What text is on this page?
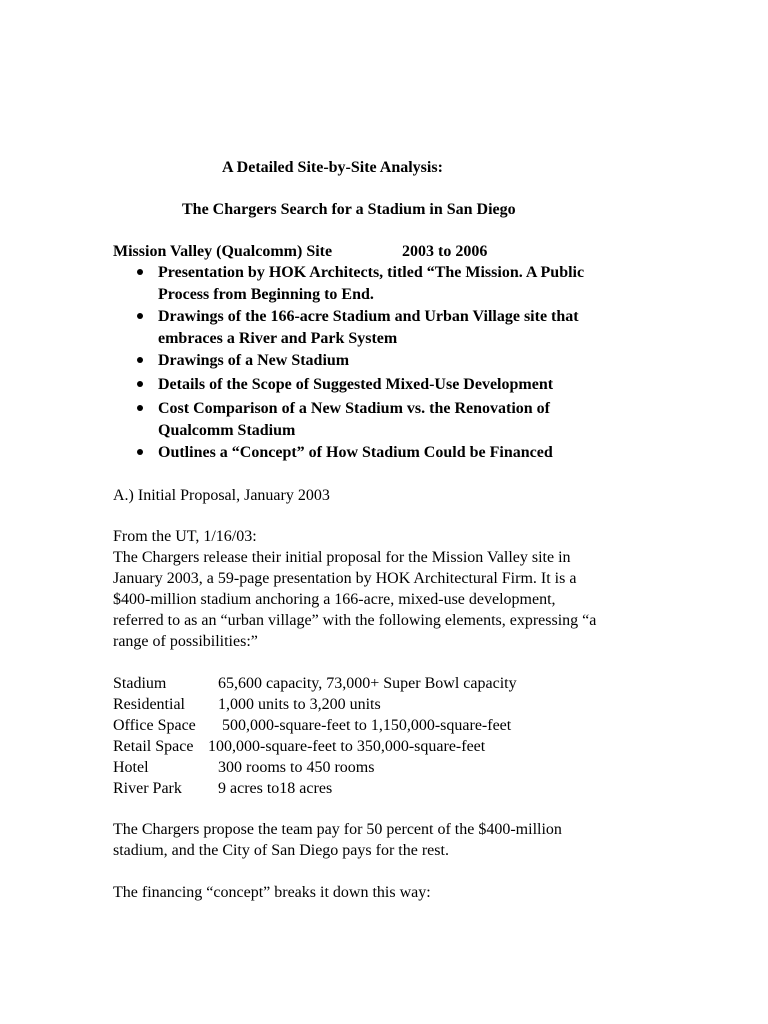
A Detailed Site-by-Site Analysis:
The Chargers Search for a Stadium in San Diego
Mission Valley (Qualcomm) Site	2003 to 2006
Presentation by HOK Architects, titled “The Mission. A Public
Process from Beginning to End.
Drawings of the 166-acre Stadium and Urban Village site that
embraces a River and Park System
Drawings of a New Stadium
Details of the Scope of Suggested Mixed-Use Development
Cost Comparison of a New Stadium vs. the Renovation of
Qualcomm Stadium
Outlines a “Concept” of How Stadium Could be Financed
A.) Initial Proposal, January 2003
From the UT, 1/16/03:
The Chargers release their initial proposal for the Mission Valley site in
January 2003, a 59-page presentation by HOK Architectural Firm. It is a
$400-million stadium anchoring a 166-acre, mixed-use development,
referred to as an “urban village” with the following elements, expressing “a
range of possibilities:”
Stadium	65,600 capacity, 73,000+ Super Bowl capacity
Residential 1,000 units to 3,200 units
Office Space 500,000-square-feet to 1,150,000-square-feet
Retail Space 100,000-square-feet to 350,000-square-feet
Hotel	300 rooms to 450 rooms
River Park 9 acres to18 acres
The Chargers propose the team pay for 50 percent of the $400-million
stadium, and the City of San Diego pays for the rest.
The financing “concept” breaks it down this way:
